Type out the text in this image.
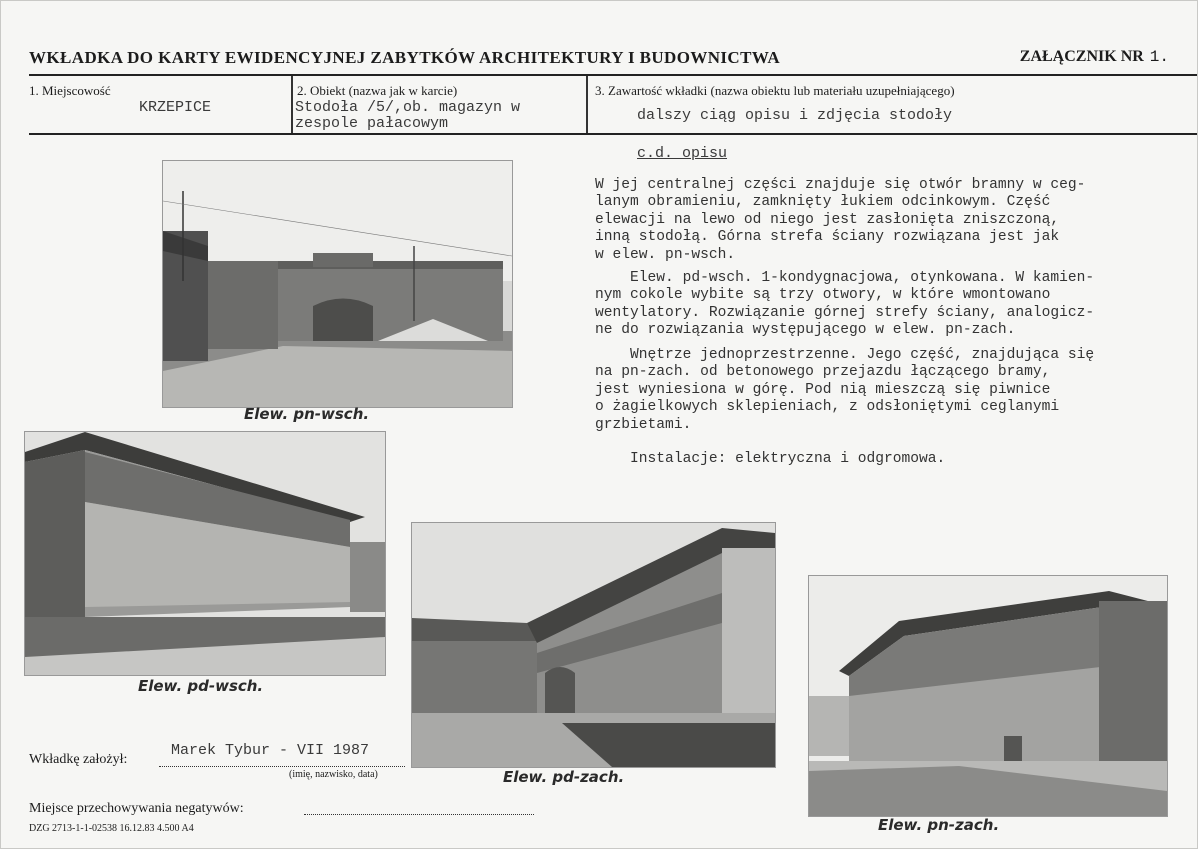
WKŁADKA DO KARTY EWIDENCYJNEJ ZABYTKÓW ARCHITEKTURY I BUDOWNICTWA	ZAŁĄCZNIK NR 1.
1. Miejscowość
KRZEPICE
2. Obiekt (nazwa jak w karcie)
Stodoła /5/,ob. magazyn w
zespole pałacowym
3. Zawartość wkładki (nazwa obiektu lub materiału uzupełniającego)
dalszy ciąg opisu i zdjęcia stodoły
c.d. opisu
W jej centralnej części znajduje się otwór bramny w ceg-
lanym obramieniu, zamknięty łukiem odcinkowym. Część
elewacji na lewo od niego jest zasłonięta zniszczoną,
inną stodołą. Górna strefa ściany rozwiązana jest jak
w elew. pn-wsch.
Elew. pd-wsch. 1-kondygnacjowa, otynkowana. W kamien-
nym cokole wybite są trzy otwory, w które wmontowano
wentylatory. Rozwiązanie górnej strefy ściany, analogicz-
ne do rozwiązania występującego w elew. pn-zach.
Wnętrze jednoprzestrzenne. Jego część, znajdująca się
na pn-zach. od betonowego przejazdu łączącego bramy,
jest wyniesiona w górę. Pod nią mieszczą się piwnice
o żagielkowych sklepieniach, z odsłoniętymi ceglanymi
grzbietami.
Instalacje: elektryczna i odgromowa.
Elew. pn-wsch.
Elew. pd-wsch.
Elew. pd-zach.
Elew. pn-zach.
Wkładkę założył:
Marek Tybur - VII 1987
(imię, nazwisko, data)
Miejsce przechowywania negatywów:
DZG 2713-1-1-02538 16.12.83 4.500 A4
